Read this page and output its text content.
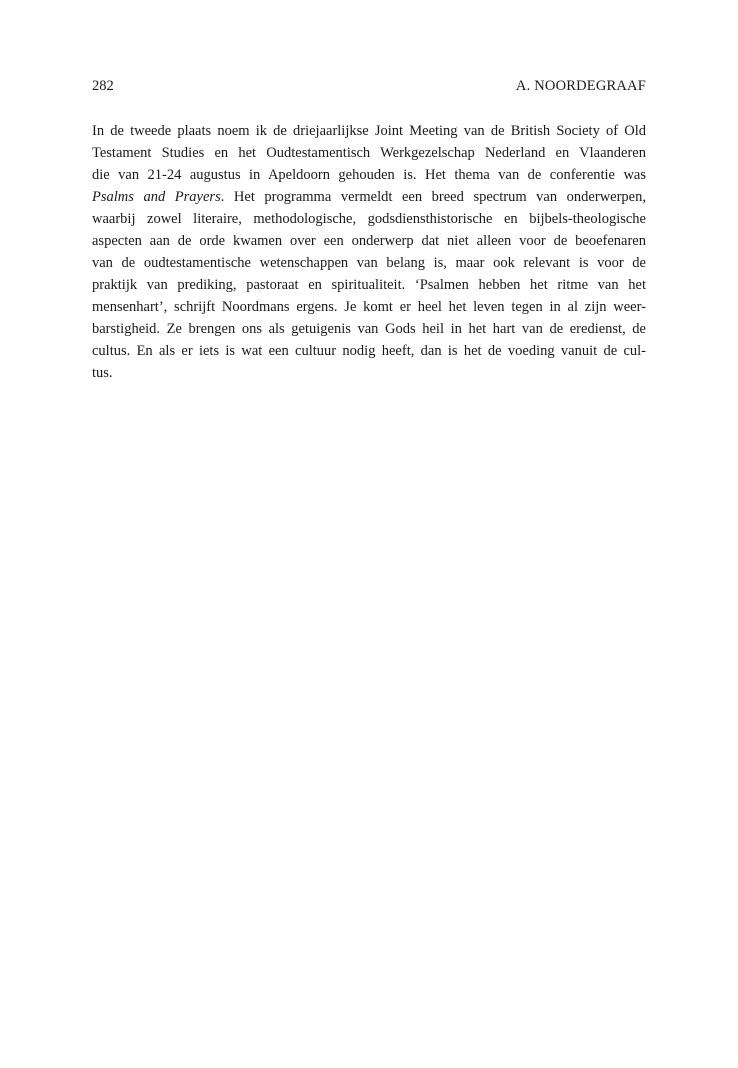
282	A. NOORDEGRAAF
In de tweede plaats noem ik de driejaarlijkse Joint Meeting van de British Society of Old
Testament Studies en het Oudtestamentisch Werkgezelschap Nederland en Vlaanderen
die van 21-24 augustus in Apeldoorn gehouden is. Het thema van de conferentie was
Psalms and Prayers. Het programma vermeldt een breed spectrum van onderwerpen,
waarbij zowel literaire, methodologische, godsdiensthistorische en bijbels-theologische
aspecten aan de orde kwamen over een onderwerp dat niet alleen voor de beoefenaren
van de oudtestamentische wetenschappen van belang is, maar ook relevant is voor de
praktijk van prediking, pastoraat en spiritualiteit. ‘Psalmen hebben het ritme van het
mensenhart’, schrijft Noordmans ergens. Je komt er heel het leven tegen in al zijn weer-
barstigheid. Ze brengen ons als getuigenis van Gods heil in het hart van de eredienst, de
cultus. En als er iets is wat een cultuur nodig heeft, dan is het de voeding vanuit de cul-
tus.
